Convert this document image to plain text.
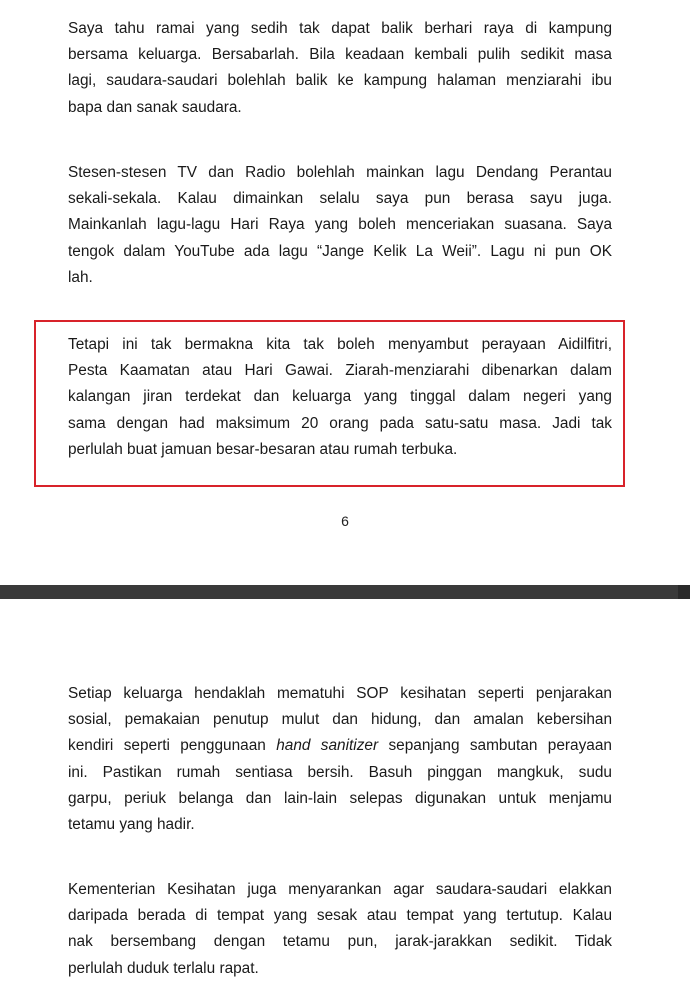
Saya tahu ramai yang sedih tak dapat balik berhari raya di kampung
bersama keluarga. Bersabarlah. Bila keadaan kembali pulih sedikit masa
lagi, saudara-saudari bolehlah balik ke kampung halaman menziarahi ibu
bapa dan sanak saudara.

Stesen-stesen TV dan Radio bolehlah mainkan lagu Dendang Perantau
sekali-sekala. Kalau dimainkan selalu saya pun berasa sayu juga.
Mainkanlah lagu-lagu Hari Raya yang boleh menceriakan suasana. Saya
tengok dalam YouTube ada lagu “Jange Kelik La Weii”. Lagu ni pun OK
lah.

Tetapi ini tak bermakna kita tak boleh menyambut perayaan Aidilfitri,
Pesta Kaamatan atau Hari Gawai. Ziarah-menziarahi dibenarkan dalam
kalangan jiran terdekat dan keluarga yang tinggal dalam negeri yang
sama dengan had maksimum 20 orang pada satu-satu masa. Jadi tak
perlulah buat jamuan besar-besaran atau rumah terbuka.

6

Setiap keluarga hendaklah mematuhi SOP kesihatan seperti penjarakan
sosial, pemakaian penutup mulut dan hidung, dan amalan kebersihan
kendiri seperti penggunaan hand sanitizer sepanjang sambutan perayaan
ini. Pastikan rumah sentiasa bersih. Basuh pinggan mangkuk, sudu
garpu, periuk belanga dan lain-lain selepas digunakan untuk menjamu
tetamu yang hadir.

Kementerian Kesihatan juga menyarankan agar saudara-saudari elakkan
daripada berada di tempat yang sesak atau tempat yang tertutup. Kalau
nak bersembang dengan tetamu pun, jarak-jarakkan sedikit. Tidak
perlulah duduk terlalu rapat.
